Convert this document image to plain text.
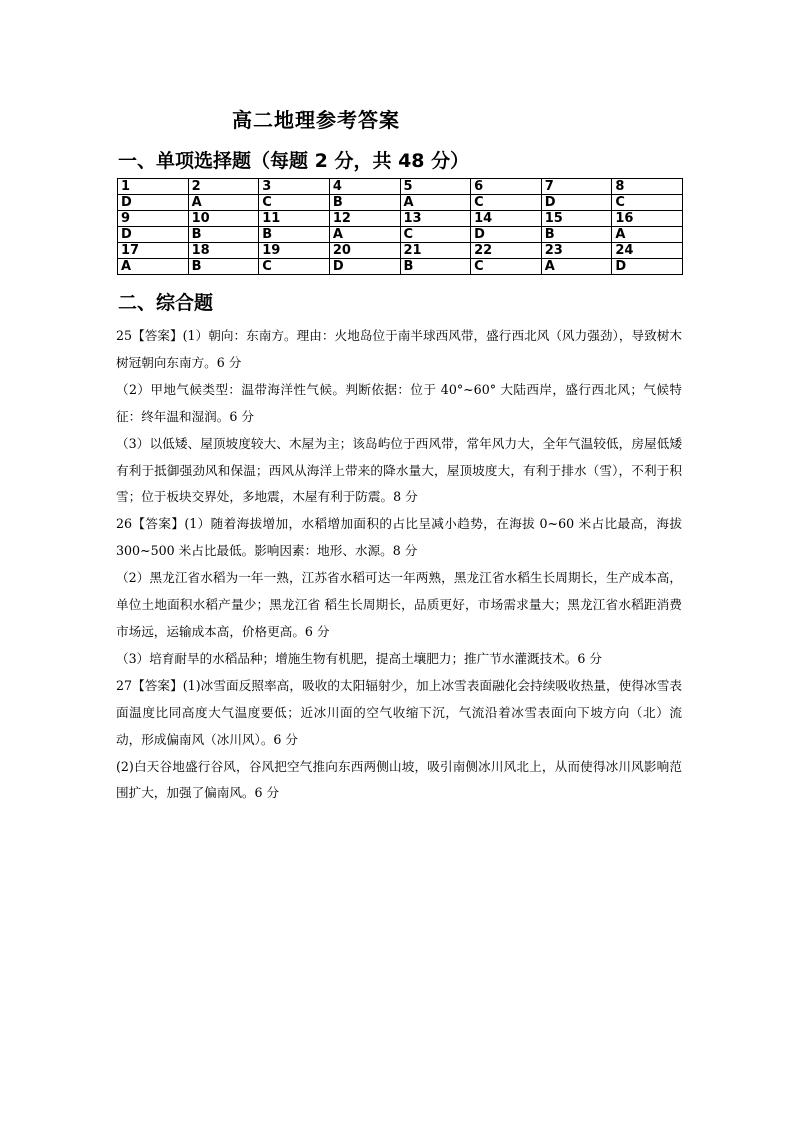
高二地理参考答案
一、单项选择题（每题 2 分，共 48 分）
1	2	3	4	5	6	7	8
D	A	C	B	A	C	D	C
9	10	11	12	13	14	15	16
D	B	B	A	C	D	B	A
17	18	19	20	21	22	23	24
A	B	C	D	B	C	A	D
二、综合题

25【答案】(1）朝向：东南方。理由：火地岛位于南半球西风带，盛行西北风（风力强劲），导致树木树冠朝向东南方。6 分

（2）甲地气候类型：温带海洋性气候。判断依据：位于 40°~60° 大陆西岸，盛行西北风；气候特征：终年温和湿润。6 分

（3）以低矮、屋顶坡度较大、木屋为主；该岛屿位于西风带，常年风力大，全年气温较低，房屋低矮有利于抵御强劲风和保温；西风从海洋上带来的降水量大，屋顶坡度大，有利于排水（雪），不利于积雪；位于板块交界处，多地震，木屋有利于防震。8 分

26【答案】(1）随着海拔增加，水稻增加面积的占比呈减小趋势，在海拔 0~60 米占比最高，海拔 300~500 米占比最低。影响因素：地形、水源。8 分

（2）黑龙江省水稻为一年一熟，江苏省水稻可达一年两熟，黑龙江省水稻生长周期长，生产成本高，单位土地面积水稻产量少；黑龙江省 稻生长周期长，品质更好，市场需求量大；黑龙江省水稻距消费市场远，运输成本高，价格更高。6 分

（3）培育耐旱的水稻品种；增施生物有机肥，提高土壤肥力；推广节水灌溉技术。6 分

27【答案】(1)冰雪面反照率高，吸收的太阳辐射少，加上冰雪表面融化会持续吸收热量，使得冰雪表面温度比同高度大气温度要低；近冰川面的空气收缩下沉，气流沿着冰雪表面向下坡方向（北）流动，形成偏南风（冰川风）。6 分

(2)白天谷地盛行谷风，谷风把空气推向东西两侧山坡，吸引南侧冰川风北上，从而使得冰川风影响范围扩大，加强了偏南风。6 分
